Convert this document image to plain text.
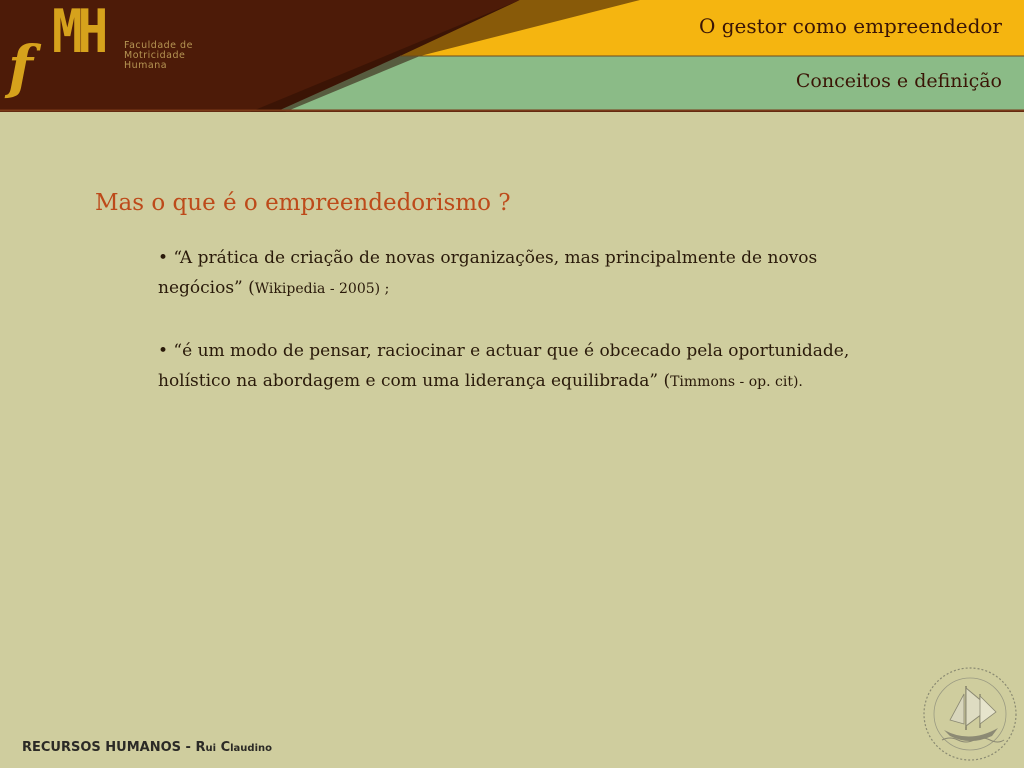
f MH Faculdade de
Motricidade
Humana
O gestor como empreendedor
Conceitos e definição
Mas o que é o empreendedorismo ?

• “A prática de criação de novas organizações, mas principalmente de novos negócios” (Wikipedia - 2005) ;

• “é um modo de pensar, raciocinar e actuar que é obcecado pela oportunidade, holístico na abordagem e com uma liderança equilibrada” (Timmons - op. cit).

RECURSOS HUMANOS - Rui Claudino
